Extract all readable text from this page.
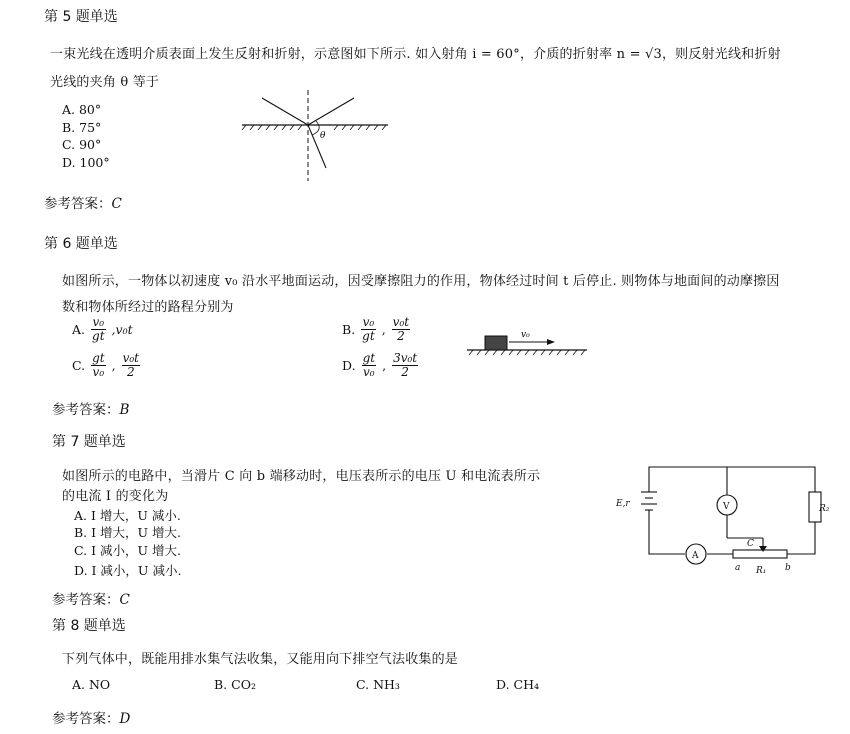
第 5 题单选
一束光线在透明介质表面上发生反射和折射，示意图如下所示. 如入射角 i = 60°，介质的折射率 n = √3，则反射光线和折射
光线的夹角 θ 等于
A. 80°
B. 75°
C. 90°
D. 100°
θ
参考答案：C
第 6 题单选
如图所示，一物体以初速度 v₀ 沿水平地面运动，因受摩擦阻力的作用，物体经过时间 t 后停止. 则物体与地面间的动摩擦因
数和物体所经过的路程分别为
A. $\frac{\text{v₀}}{gt} ,v_0t$	B. $\frac{\text{v₀}}{gt}$ , $\frac{\text{v₀t}}{2}$
C. $\frac{gt}{\text{v₀}}$ , $\frac{\text{v₀t}}{2}$	D. $\frac{gt}{\text{v₀}}$ , $\frac{\text{3v₀t}}{2}$
v₀
参考答案：B
第 7 题单选
如图所示的电路中，当滑片 C 向 b 端移动时，电压表所示的电压 U 和电流表所示
的电流 I 的变化为
A. I 增大，U 减小.
B. I 增大，U 增大.
C. I 减小，U 增大.
D. I 减小，U 减小.
E,r	V
A
R₂
R₁
C
a	b
参考答案：C
第 8 题单选
下列气体中，既能用排水集气法收集，又能用向下排空气法收集的是
A. NO	B. CO₂	C. NH₃	D. CH₄
参考答案：D
